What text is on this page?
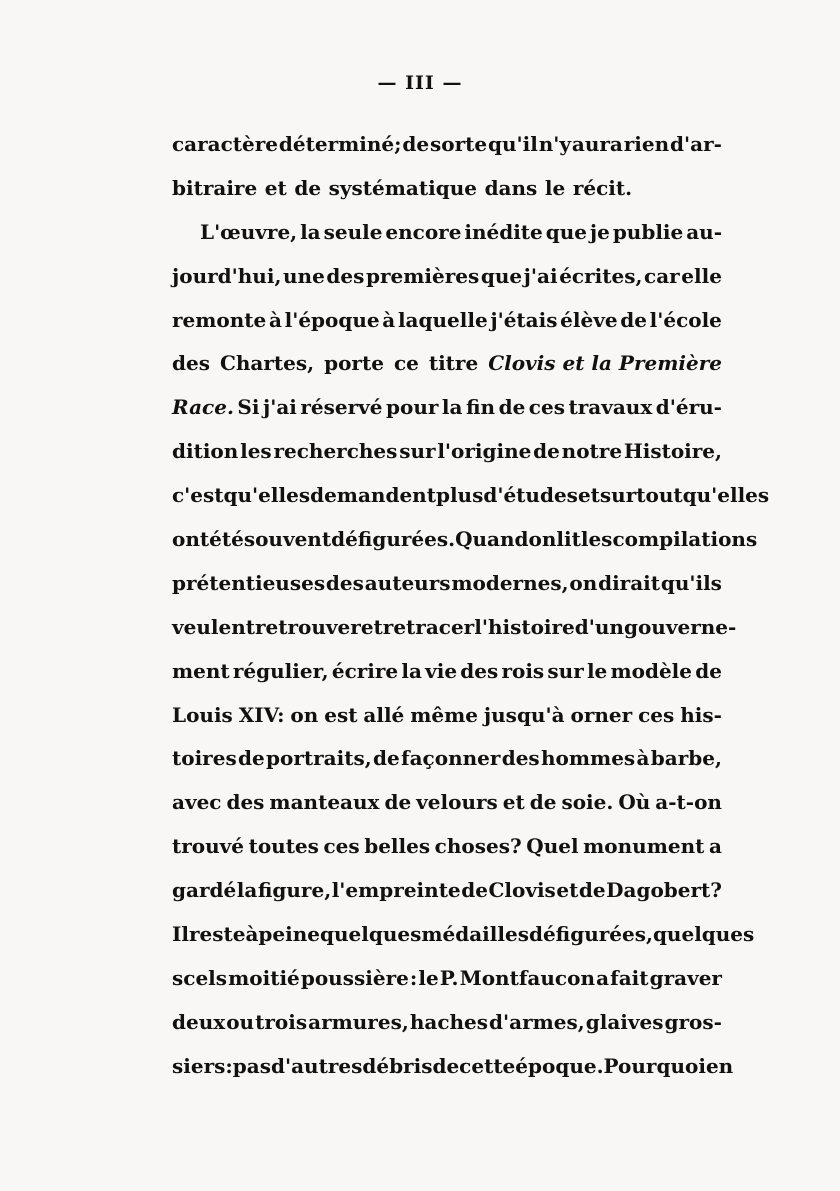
— III —
caractère déterminé; de sorte qu'il n'y aura rien d'ar-
bitraire et de systématique dans le récit.
L'œuvre, la seule encore inédite que je publie au-
jourd'hui, une des premières que j'ai écrites, car elle
remonte à l'époque à laquelle j'étais élève de l'école
des Chartes, porte ce titre Clovis et la Première
Race. Si j'ai réservé pour la fin de ces travaux d'éru-
dition les recherches sur l'origine de notre Histoire,
c'est qu'elles demandent plus d'études et surtout qu'elles
ont été souvent défigurées. Quand on lit les compilations
prétentieuses des auteurs modernes, on dirait qu'ils
veulent retrouver et retracer l'histoire d'un gouverne-
ment régulier, écrire la vie des rois sur le modèle de
Louis XIV: on est allé même jusqu'à orner ces his-
toires de portraits, de façonner des hommes à barbe,
avec des manteaux de velours et de soie. Où a-t-on
trouvé toutes ces belles choses? Quel monument a
gardé la figure, l'empreinte de Clovis et de Dagobert?
Il reste à peine quelques médailles défigurées, quelques
scels moitié poussière : le P. Montfaucon a fait graver
deux ou trois armures, haches d'armes, glaives gros-
siers : pas d'autres débris de cette époque. Pourquoi en
